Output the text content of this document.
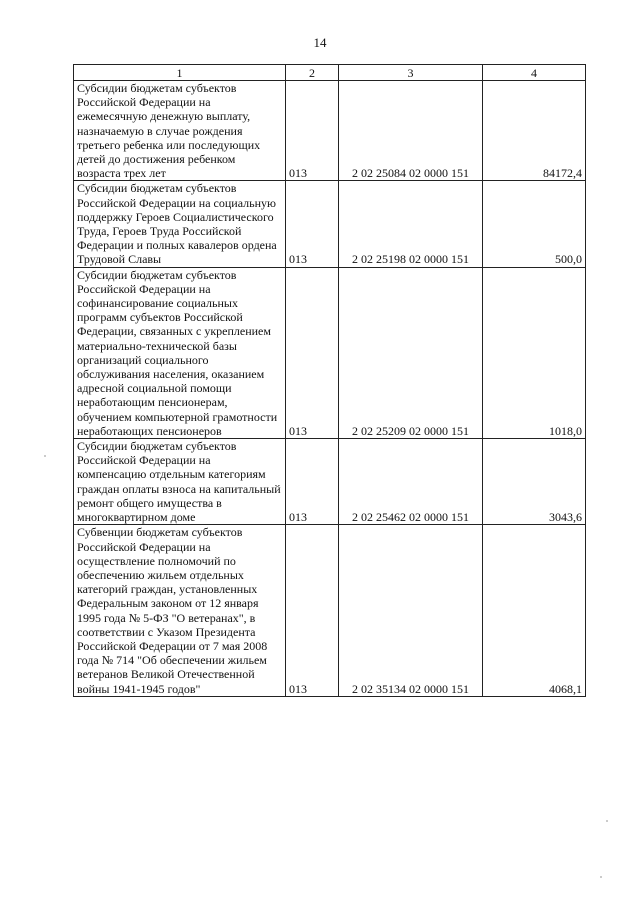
14
1	2	3	4
Субсидии бюджетам субъектов Российской Федерации на ежемесячную денежную выплату, назначаемую в случае рождения третьего ребенка или последующих детей до достижения ребенком возраста трех лет	013	2 02 25084 02 0000 151	84172,4
Субсидии бюджетам субъектов Российской Федерации на социальную поддержку Героев Социалистического Труда, Героев Труда Российской Федерации и полных кавалеров ордена Трудовой Славы	013	2 02 25198 02 0000 151	500,0
Субсидии бюджетам субъектов Российской Федерации на софинансирование социальных программ субъектов Российской Федерации, связанных с укреплением материально-технической базы организаций социального обслуживания населения, оказанием адресной социальной помощи неработающим пенсионерам, обучением компьютерной грамотности неработающих пенсионеров	013	2 02 25209 02 0000 151	1018,0
Субсидии бюджетам субъектов Российской Федерации на компенсацию отдельным категориям граждан оплаты взноса на капитальный ремонт общего имущества в многоквартирном доме	013	2 02 25462 02 0000 151	3043,6
Субвенции бюджетам субъектов Российской Федерации на осуществление полномочий по обеспечению жильем отдельных категорий граждан, установленных Федеральным законом от 12 января 1995 года № 5-ФЗ "О ветеранах", в соответствии с Указом Президента Российской Федерации от 7 мая 2008 года № 714 "Об обеспечении жильем ветеранов Великой Отечественной войны 1941-1945 годов"	013	2 02 35134 02 0000 151	4068,1
